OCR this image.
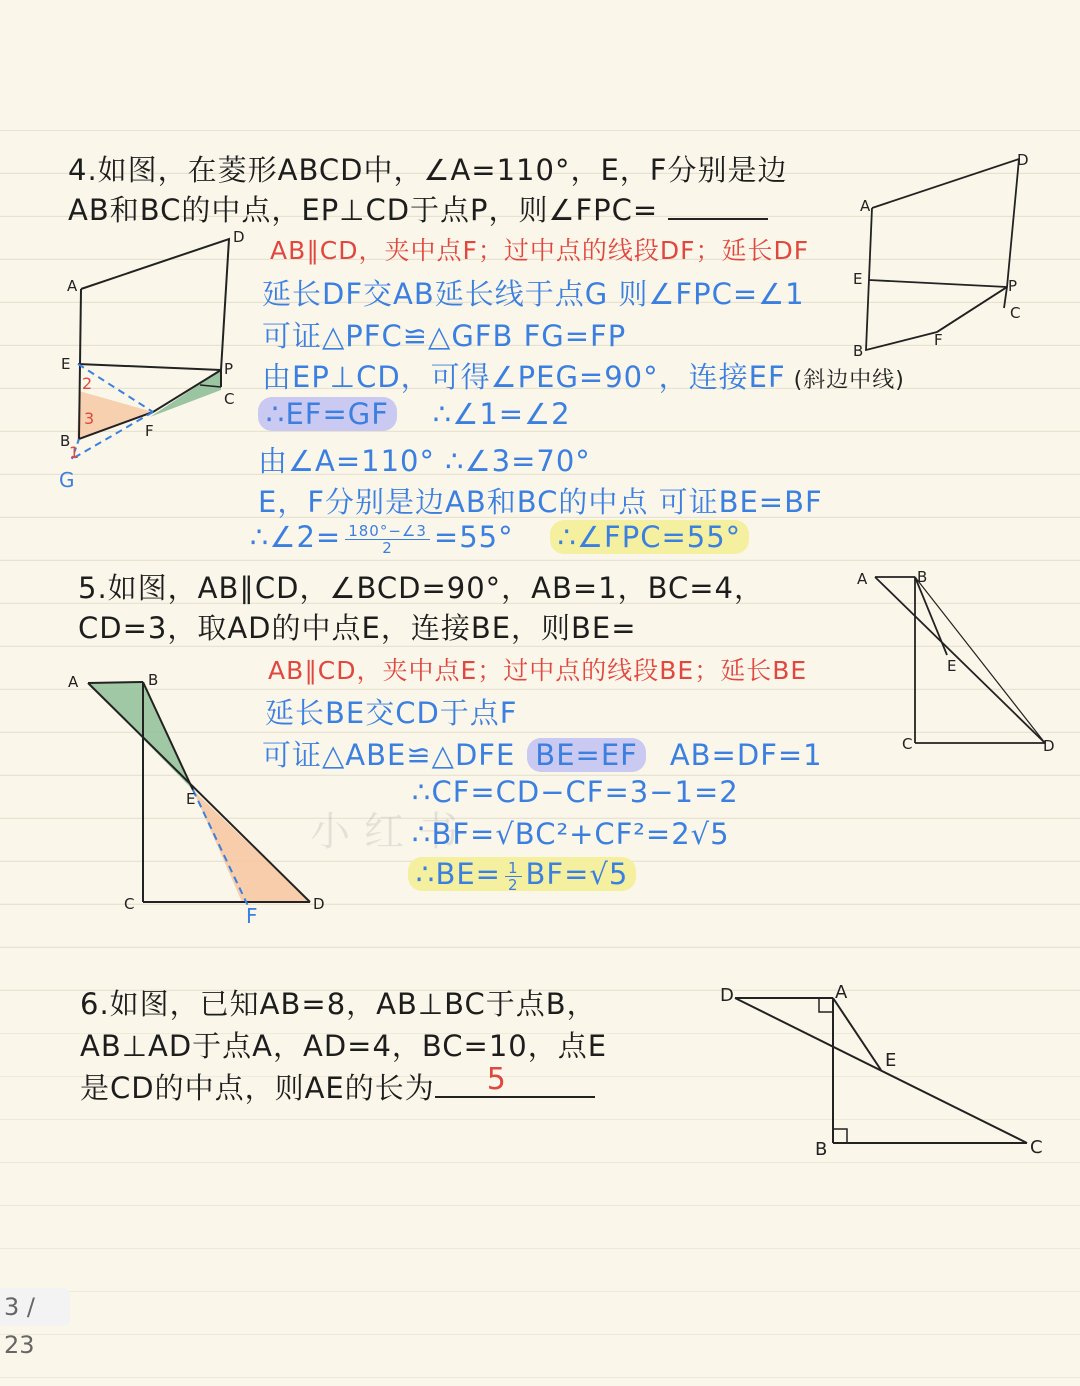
小红书
4.如图，在菱形ABCD中，∠A=110°，E，F分别是边
AB和BC的中点，EP⊥CD于点P，则∠FPC=
AB∥CD，夹中点F；过中点的线段DF；延长DF
延长DF交AB延长线于点G 则∠FPC=∠1
可证△PFC≌△GFB FG=FP
由EP⊥CD，可得∠PEG=90°，连接EF (斜边中线)
∴EF=GF ∴∠1=∠2
由∠A=110° ∴∠3=70°
E，F分别是边AB和BC的中点 可证BE=BF
∴∠2= $\frac{180^\circ-\angle 3}{2} =55^\circ$ ∴∠FPC=55°
D
A
E	P
C
B
F
G
2
3
1
D
A
E	P
C
B
F
5.如图，AB∥CD，∠BCD=90°，AB=1，BC=4，
CD=3，取AD的中点E，连接BE，则BE=
AB∥CD，夹中点E；过中点的线段BE；延长BE
延长BE交CD于点F
可证△ABE≌△DFE BE=EF AB=DF=1
∴CF=CD−CF=3−1=2
∴BF=√BC²+CF²=2√5
∴BE= $\frac{1}{2} BF=√5$
A	B
E
C	F	D
A	B
E
C	D
6.如图，已知AB=8，AB⊥BC于点B，
AB⊥AD于点A，AD=4，BC=10，点E
是CD的中点，则AE的长为 5
D	A
E
B	C
3 / 23
